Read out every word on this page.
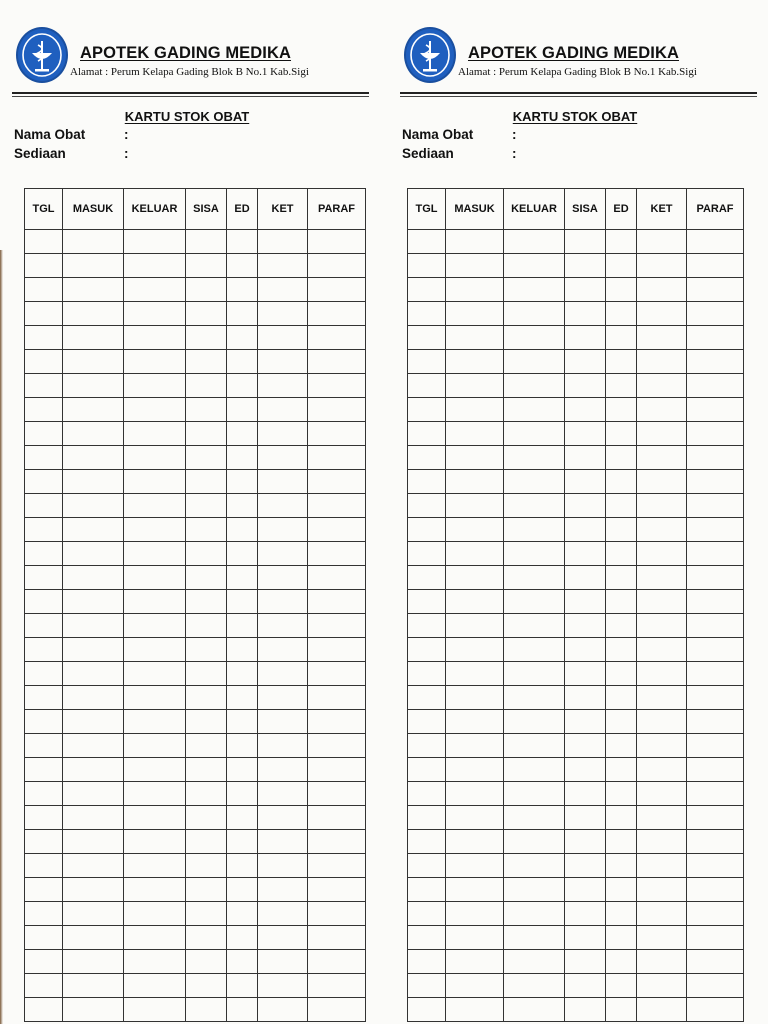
APOTEK GADING MEDIKA
Alamat : Perum Kelapa Gading Blok B No.1 Kab.Sigi
KARTU STOK OBAT
Nama Obat	:
Sediaan	:
TGL	MASUK	KELUAR	SISA	ED	KET	PARAF

APOTEK GADING MEDIKA
Alamat : Perum Kelapa Gading Blok B No.1 Kab.Sigi
KARTU STOK OBAT
Nama Obat	:
Sediaan	:
TGL	MASUK	KELUAR	SISA	ED	KET	PARAF
